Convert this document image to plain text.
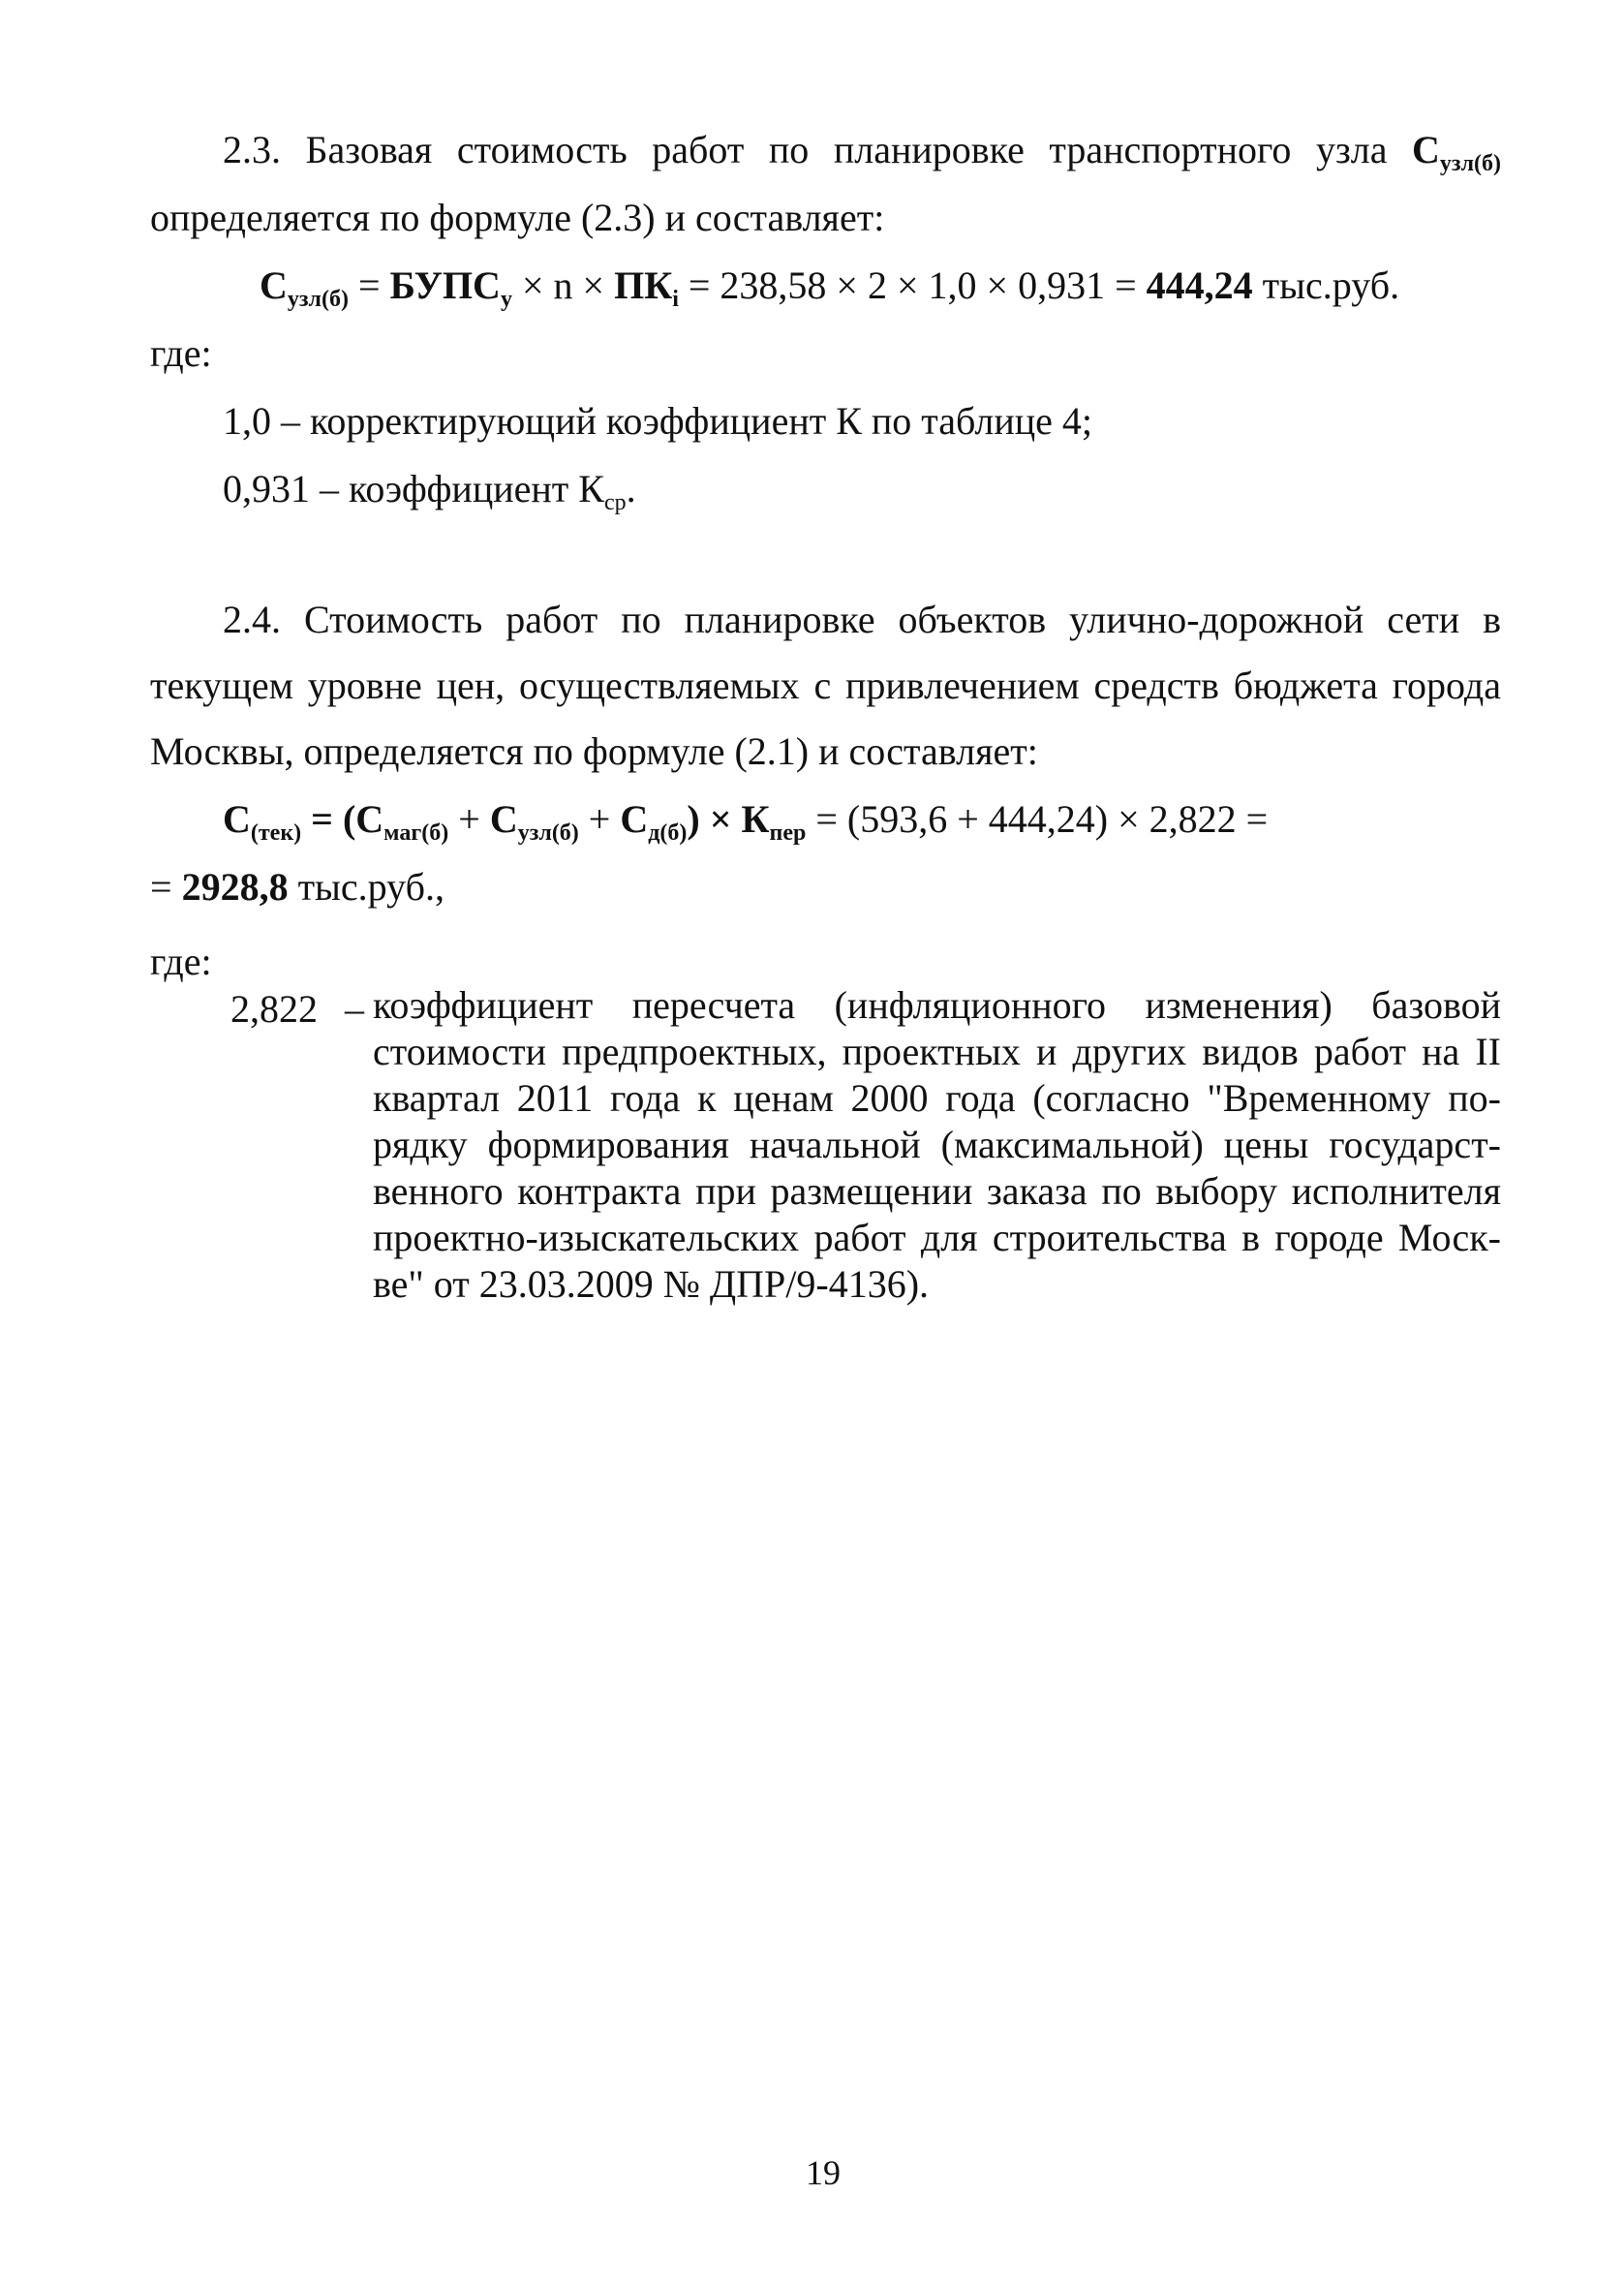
2.3. Базовая стоимость работ по планировке транспортного узла $С_{узл(б)}$
определяется по формуле (2.3) и составляет:
$С_{узл(б)}$ = $БУПС_у \times n \times ПК_i = 238,58 \times 2 \times 1,0 \times 0,931 = 444,24$ тыс.руб.
где:
1,0 – корректирующий коэффициент К по таблице 4;
0,931 – коэффициент $К_{ср}$.
2.4. Стоимость работ по планировке объектов улично-дорожной сети в
текущем уровне цен, осуществляемых с привлечением средств бюджета города
Москвы, определяется по формуле (2.1) и составляет:
$С_{(тек)} = (С_{маг(б)} + С_{узл(б)} + С_{д(б)}) \times К_{пер} = (593,6 + 444,24) \times 2,822$ =
= 2928,8 тыс.руб.,
где:
2,822 – коэффициент пересчета (инфляционного изменения) базовой
стоимости предпроектных, проектных и других видов работ на II
квартал 2011 года к ценам 2000 года (согласно "Временному по-
рядку формирования начальной (максимальной) цены государст-
венного контракта при размещении заказа по выбору исполнителя
проектно-изыскательских работ для строительства в городе Моск-
ве" от 23.03.2009 № ДПР/9-4136).
19
